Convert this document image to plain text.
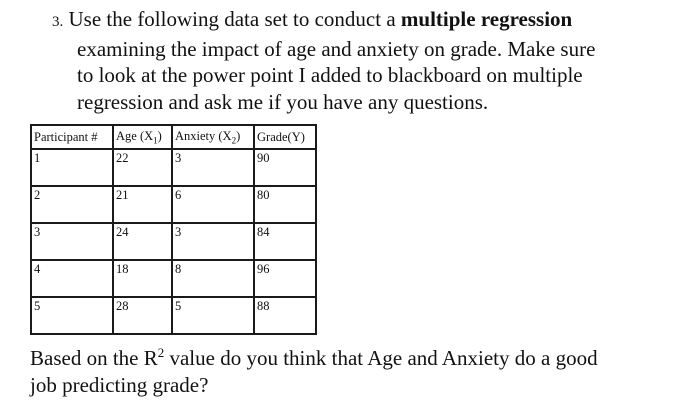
3. Use the following data set to conduct a multiple regression
examining the impact of age and anxiety on grade. Make sure
to look at the power point I added to blackboard on multiple
regression and ask me if you have any questions.
Participant #	Age $(X_1)$	Anxiety $(X_2)$	Grade(Y)
1	22	3	90
2	21	6	80
3	24	3	84
4	18	8	96
5	28	5	88
Based on the $R^2$ value do you think that Age and Anxiety do a good
job predicting grade?
